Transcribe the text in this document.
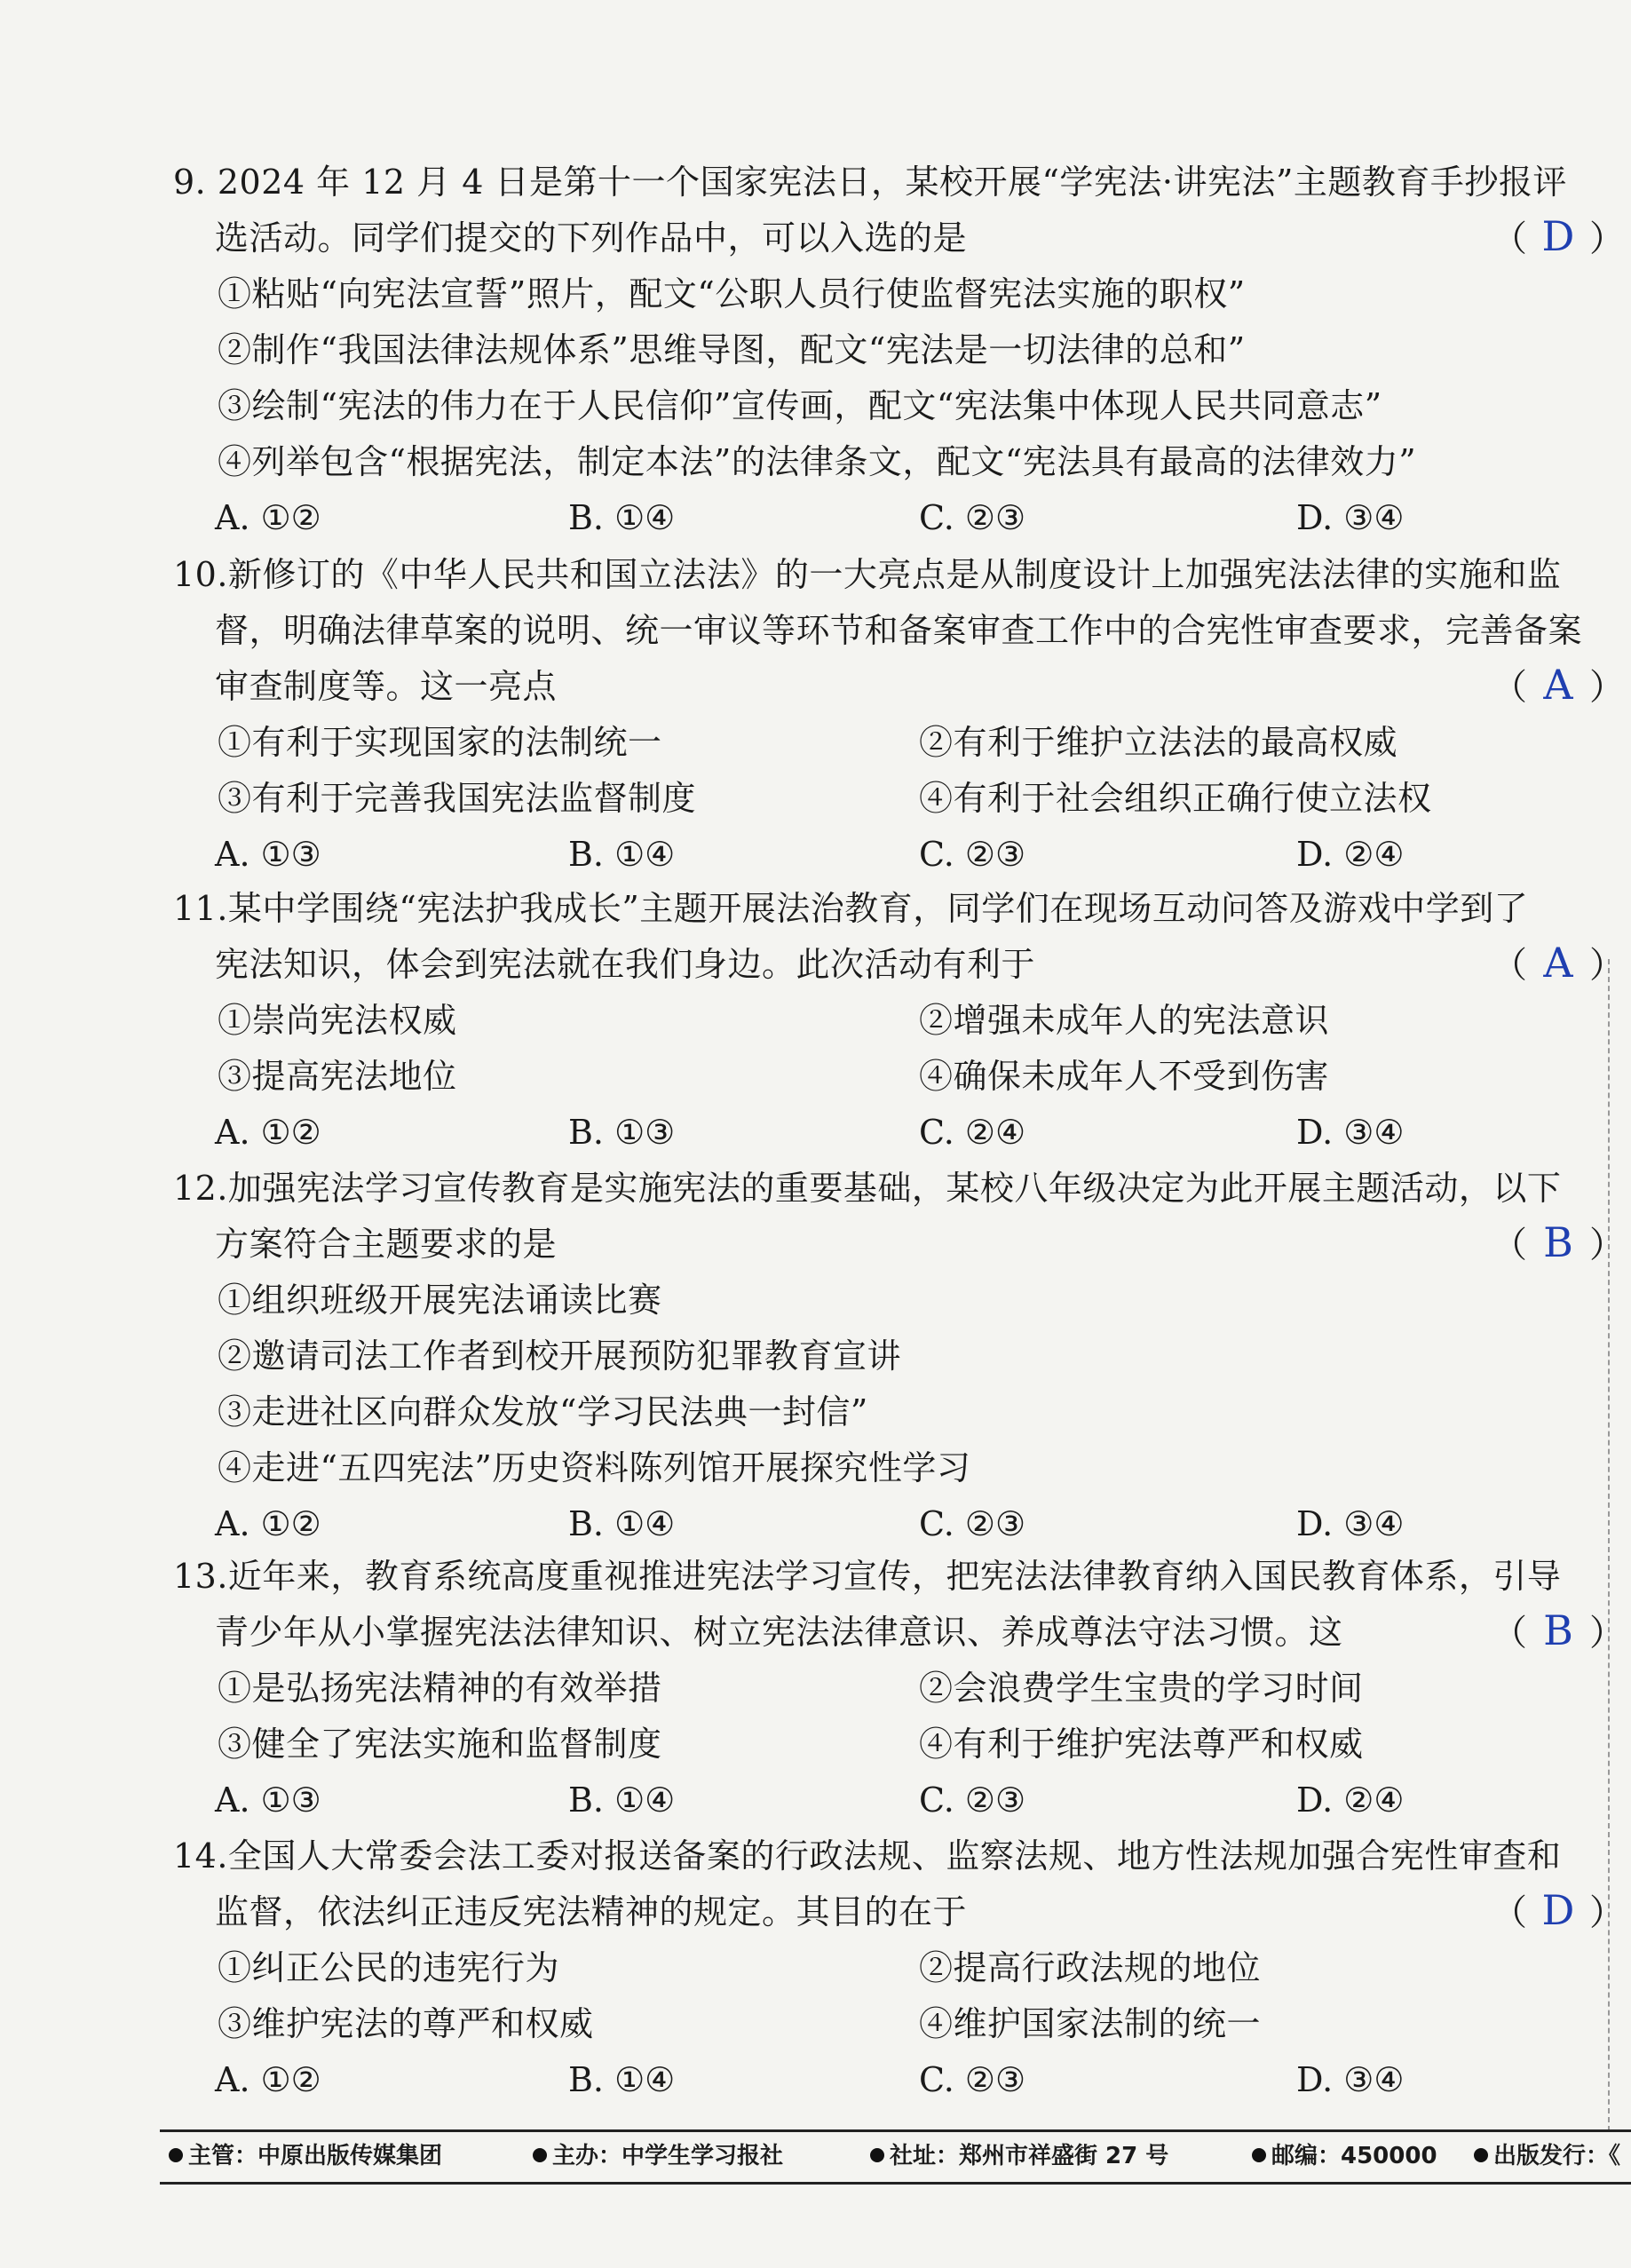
9. 2024 年 12 月 4 日是第十一个国家宪法日，某校开展“学宪法·讲宪法”主题教育手抄报评
选活动。同学们提交的下列作品中，可以入选的是	（ D ）
①粘贴“向宪法宣誓”照片，配文“公职人员行使监督宪法实施的职权”
②制作“我国法律法规体系”思维导图，配文“宪法是一切法律的总和”
③绘制“宪法的伟力在于人民信仰”宣传画，配文“宪法集中体现人民共同意志”
④列举包含“根据宪法，制定本法”的法律条文，配文“宪法具有最高的法律效力”
A. ①②	B. ①④	C. ②③	D. ③④
10.新修订的《中华人民共和国立法法》的一大亮点是从制度设计上加强宪法法律的实施和监
督，明确法律草案的说明、统一审议等环节和备案审查工作中的合宪性审查要求，完善备案
审查制度等。这一亮点	（ A ）
①有利于实现国家的法制统一	②有利于维护立法法的最高权威
③有利于完善我国宪法监督制度	④有利于社会组织正确行使立法权
A. ①③	B. ①④	C. ②③	D. ②④
11.某中学围绕“宪法护我成长”主题开展法治教育，同学们在现场互动问答及游戏中学到了
宪法知识，体会到宪法就在我们身边。此次活动有利于	（ A ）
①崇尚宪法权威	②增强未成年人的宪法意识
③提高宪法地位	④确保未成年人不受到伤害
A. ①②	B. ①③	C. ②④	D. ③④
12.加强宪法学习宣传教育是实施宪法的重要基础，某校八年级决定为此开展主题活动，以下
方案符合主题要求的是	（ B ）
①组织班级开展宪法诵读比赛
②邀请司法工作者到校开展预防犯罪教育宣讲
③走进社区向群众发放“学习民法典一封信”
④走进“五四宪法”历史资料陈列馆开展探究性学习
A. ①②	B. ①④	C. ②③	D. ③④
13.近年来，教育系统高度重视推进宪法学习宣传，把宪法法律教育纳入国民教育体系，引导
青少年从小掌握宪法法律知识、树立宪法法律意识、养成尊法守法习惯。这	（ B ）
①是弘扬宪法精神的有效举措	②会浪费学生宝贵的学习时间
③健全了宪法实施和监督制度	④有利于维护宪法尊严和权威
A. ①③	B. ①④	C. ②③	D. ②④
14.全国人大常委会法工委对报送备案的行政法规、监察法规、地方性法规加强合宪性审查和
监督，依法纠正违反宪法精神的规定。其目的在于	（ D ）
①纠正公民的违宪行为	②提高行政法规的地位
③维护宪法的尊严和权威	④维护国家法制的统一
A. ①②	B. ①④	C. ②③	D. ③④
主管：中原出版传媒集团	主办：中学生学习报社	社址：郑州市祥盛街 27 号	邮编：450000	出版发行：《
